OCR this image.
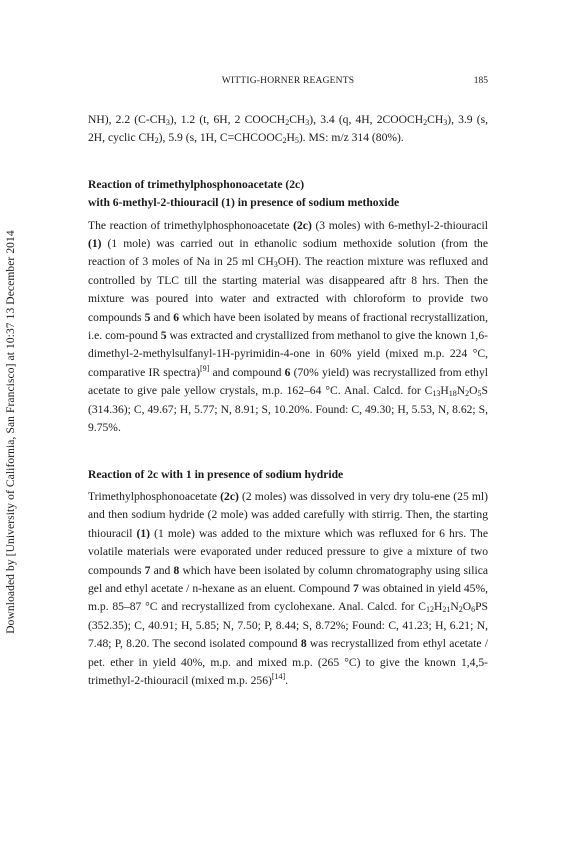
WITTIG-HORNER REAGENTS	185
Downloaded by [University of California, San Francisco] at 10:37 13 December 2014

NH), 2.2 $(C-CH_3)$, 1.2 (t, 6H, 2 $COOCH_2CH_3$), 3.4 (q, 4H, $2COOCH_2CH_3$), 3.9 (s, 2H, cyclic $CH_2$), 5.9 (s, 1H, $C=CHCOOC_2H_5$). MS: m/z 314 (80%).

Reaction of trimethylphosphonoacetate (2c)
with 6-methyl-2-thiouracil (1) in presence of sodium methoxide

The reaction of trimethylphosphonoacetate (2c) (3 moles) with 6-methyl-2-thiouracil (1) (1 mole) was carried out in ethanolic sodium methoxide solution (from the reaction of 3 moles of Na in 25 ml $CH_3OH$). The reaction mixture was refluxed and controlled by TLC till the starting material was disappeared aftr 8 hrs. Then the mixture was poured into water and extracted with chloroform to provide two compounds 5 and 6 which have been isolated by means of fractional recrystallization, i.e. com-pound 5 was extracted and crystallized from methanol to give the known 1,6-dimethyl-2-methylsulfanyl-1H-pyrimidin-4-one in 60% yield (mixed m.p. 224 °C, comparative IR spectra)[9] and compound 6 (70% yield) was recrystallized from ethyl acetate to give pale yellow crystals, m.p. 162–64 °C. Anal. Calcd. for $C_{13}H_{18}N_2O_5S$ (314.36); C, 49.67; H, 5.77; N, 8.91; S, 10.20%. Found: C, 49.30; H, 5.53, N, 8.62; S, 9.75%.

Reaction of 2c with 1 in presence of sodium hydride

Trimethylphosphonoacetate (2c) (2 moles) was dissolved in very dry tolu-ene (25 ml) and then sodium hydride (2 mole) was added carefully with stirrig. Then, the starting thiouracil (1) (1 mole) was added to the mixture which was refluxed for 6 hrs. The volatile materials were evaporated under reduced pressure to give a mixture of two compounds 7 and 8 which have been isolated by column chromatography using silica gel and ethyl acetate / n-hexane as an eluent. Compound 7 was obtained in yield 45%, m.p. 85–87 °C and recrystallized from cyclohexane. Anal. Calcd. for $C_{12}H_{21}N_2O_6PS$ (352.35); C, 40.91; H, 5.85; N, 7.50; P, 8.44; S, 8.72%; Found: C, 41.23; H, 6.21; N, 7.48; P, 8.20. The second isolated compound 8 was recrystallized from ethyl acetate / pet. ether in yield 40%, m.p. and mixed m.p. (265 °C) to give the known 1,4,5-trimethyl-2-thiouracil (mixed m.p. 256)[14].
